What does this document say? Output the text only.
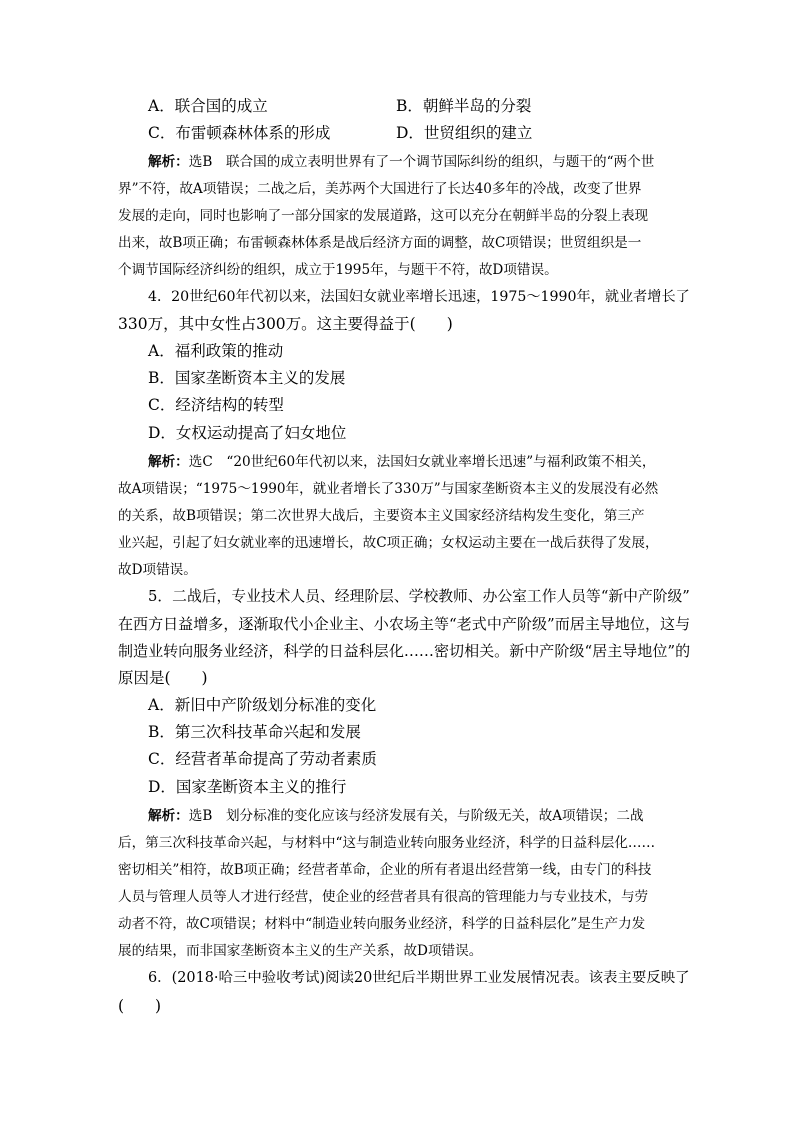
A．联合国的成立	B．朝鲜半岛的分裂
C．布雷顿森林体系的形成	D．世贸组织的建立
解析：选B　联合国的成立表明世界有了一个调节国际纠纷的组织，与题干的“两个世
界”不符，故A项错误；二战之后，美苏两个大国进行了长达40多年的冷战，改变了世界
发展的走向，同时也影响了一部分国家的发展道路，这可以充分在朝鲜半岛的分裂上表现
出来，故B项正确；布雷顿森林体系是战后经济方面的调整，故C项错误；世贸组织是一
个调节国际经济纠纷的组织，成立于1995年，与题干不符，故D项错误。
4．20世纪60年代初以来，法国妇女就业率增长迅速，1975～1990年，就业者增长了
330万，其中女性占300万。这主要得益于(　　)
A．福利政策的推动
B．国家垄断资本主义的发展
C．经济结构的转型
D．女权运动提高了妇女地位
解析：选C　“20世纪60年代初以来，法国妇女就业率增长迅速”与福利政策不相关，
故A项错误；“1975～1990年，就业者增长了330万”与国家垄断资本主义的发展没有必然
的关系，故B项错误；第二次世界大战后，主要资本主义国家经济结构发生变化，第三产
业兴起，引起了妇女就业率的迅速增长，故C项正确；女权运动主要在一战后获得了发展，
故D项错误。
5．二战后，专业技术人员、经理阶层、学校教师、办公室工作人员等“新中产阶级”
在西方日益增多，逐渐取代小企业主、小农场主等“老式中产阶级”而居主导地位，这与
制造业转向服务业经济，科学的日益科层化……密切相关。新中产阶级“居主导地位”的
原因是(　　)
A．新旧中产阶级划分标准的变化
B．第三次科技革命兴起和发展
C．经营者革命提高了劳动者素质
D．国家垄断资本主义的推行
解析：选B　划分标准的变化应该与经济发展有关，与阶级无关，故A项错误；二战
后，第三次科技革命兴起，与材料中“这与制造业转向服务业经济，科学的日益科层化……
密切相关”相符，故B项正确；经营者革命，企业的所有者退出经营第一线，由专门的科技
人员与管理人员等人才进行经营，使企业的经营者具有很高的管理能力与专业技术，与劳
动者不符，故C项错误；材料中“制造业转向服务业经济，科学的日益科层化”是生产力发
展的结果，而非国家垄断资本主义的生产关系，故D项错误。
6．(2018·哈三中验收考试)阅读20世纪后半期世界工业发展情况表。该表主要反映了
(　　)
